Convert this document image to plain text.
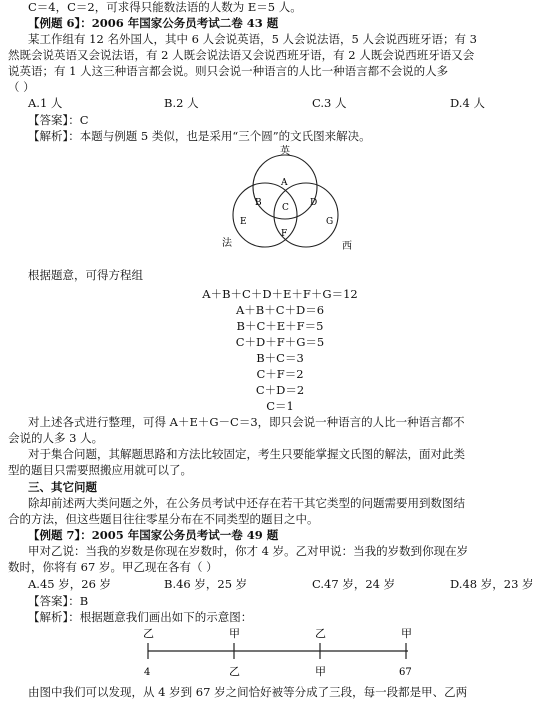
C＝4，C＝2，可求得只能数法语的人数为 E＝5 人。
【例题 6】：2006 年国家公务员考试二卷 43 题
某工作组有 12 名外国人，其中 6 人会说英语，5 人会说法语，5 人会说西班牙语；有 3
然既会说英语又会说法语，有 2 人既会说法语又会说西班牙语，有 2 人既会说西班牙语又会
说英语；有 1 人这三种语言都会说。则只会说一种语言的人比一种语言都不会说的人多
（ ）
A.1 人	B.2 人	C.3 人	D.4 人
【答案】：C
【解析】：本题与例题 5 类似，也是采用“三个圆”的文氏图来解决。
英
法	西
A
B C D
E
F
G
根据题意，可得方程组
A＋B＋C＋D＋E＋F＋G＝12
A＋B＋C＋D＝6
B＋C＋E＋F＝5
C＋D＋F＋G＝5
B＋C＝3
C＋F＝2
C＋D＝2
C＝1
对上述各式进行整理，可得 A＋E＋G－C＝3，即只会说一种语言的人比一种语言都不
会说的人多 3 人。
对于集合问题，其解题思路和方法比较固定，考生只要能掌握文氏图的解法，面对此类
型的题目只需要照搬应用就可以了。
三、其它问题
除却前述两大类问题之外，在公务员考试中还存在若干其它类型的问题需要用到数图结
合的方法，但这些题目往往零星分布在不同类型的题目之中。
【例题 7】：2005 年国家公务员考试一卷 49 题
甲对乙说：当我的岁数是你现在岁数时，你才 4 岁。乙对甲说：当我的岁数到你现在岁
数时，你将有 67 岁。甲乙现在各有（ ）
A.45 岁，26 岁	B.46 岁，25 岁	C.47 岁，24 岁	D.48 岁，23 岁
【答案】：B
【解析】：根据题意我们画出如下的示意图：
乙	甲	乙	甲
4	乙	甲	67
由图中我们可以发现，从 4 岁到 67 岁之间恰好被等分成了三段，每一段都是甲、乙两
